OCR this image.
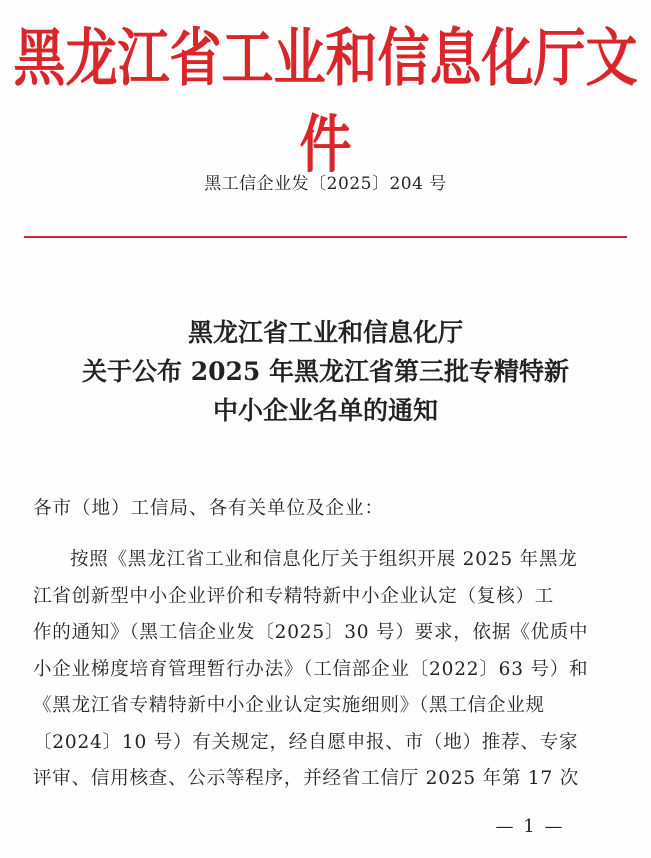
黑龙江省工业和信息化厅文件
黑工信企业发〔2025〕204 号
黑龙江省工业和信息化厅
关于公布 2025 年黑龙江省第三批专精特新
中小企业名单的通知
各市（地）工信局、各有关单位及企业：
按照《黑龙江省工业和信息化厅关于组织开展 2025 年黑龙
江省创新型中小企业评价和专精特新中小企业认定（复核）工
作的通知》（黑工信企业发〔2025〕30 号）要求，依据《优质中
小企业梯度培育管理暂行办法》（工信部企业〔2022〕63 号）和
《黑龙江省专精特新中小企业认定实施细则》（黑工信企业规
〔2024〕10 号）有关规定，经自愿申报、市（地）推荐、专家
评审、信用核查、公示等程序，并经省工信厅 2025 年第 17 次
— 1 —
